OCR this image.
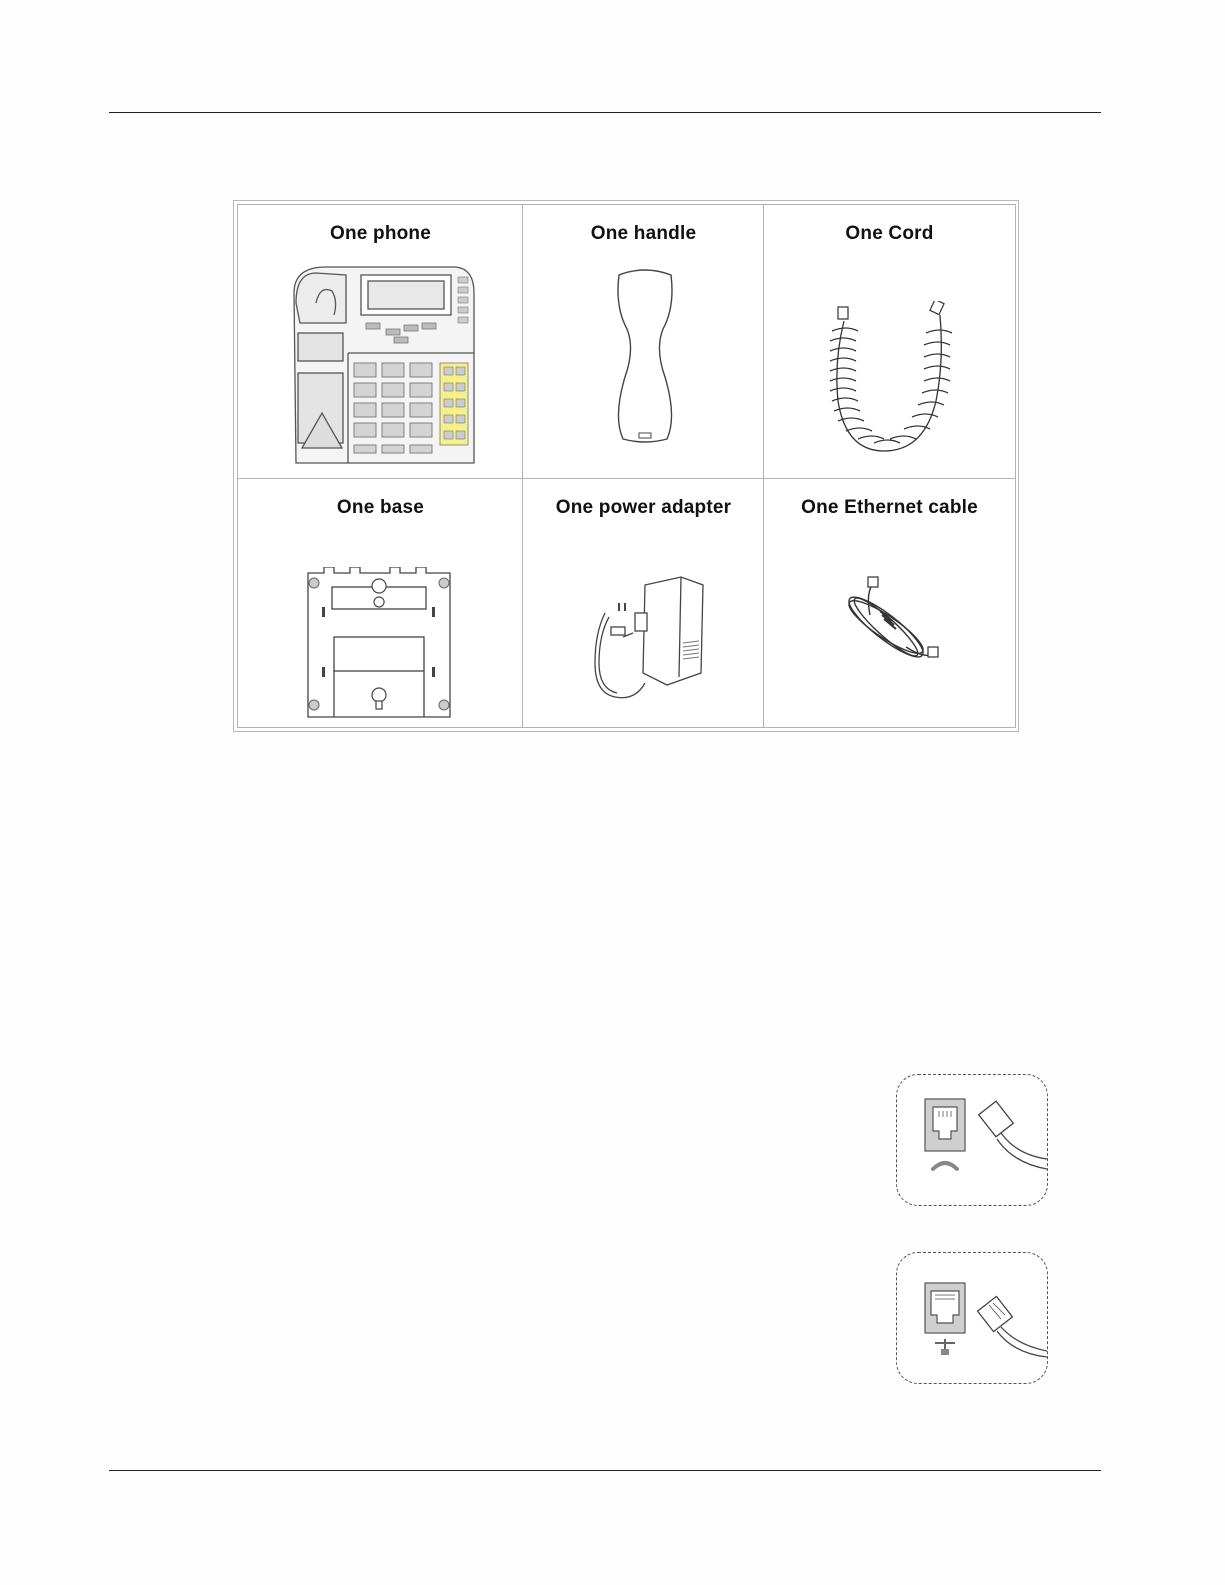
One phone	One handle	One Cord
One base	One power adapter	One Ethernet cable
